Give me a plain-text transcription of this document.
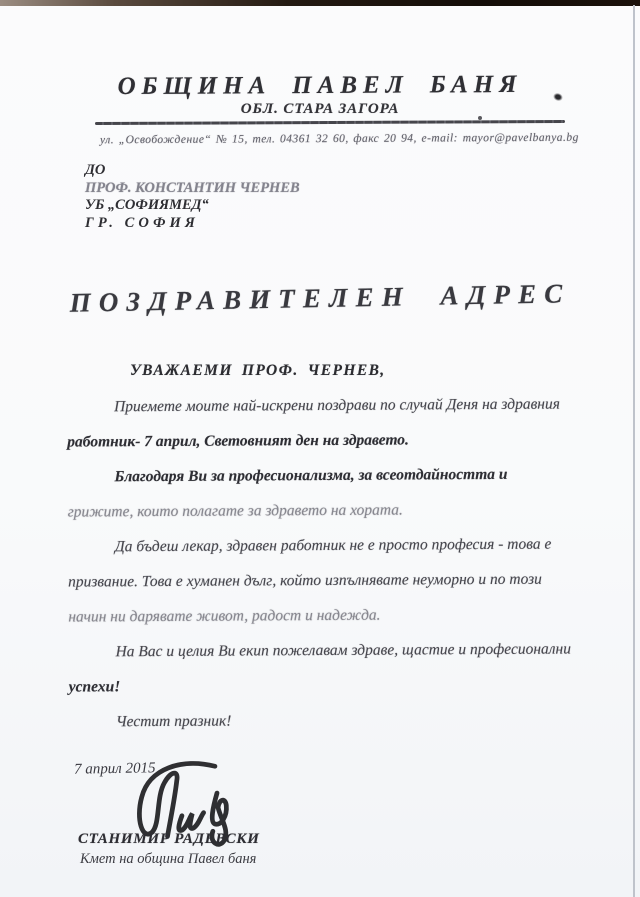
ОБЩИНА ПАВЕЛ БАНЯ
ОБЛ. СТАРА ЗАГОРА
ул. „Освобождение“ № 15, тел. 04361 32 60, факс 20 94, e-mail: mayor@pavelbanya.bg
ДО
ПРОФ. КОНСТАНТИН ЧЕРНЕВ
УБ „СОФИЯМЕД“
ГР. СОФИЯ
ПОЗДРАВИТЕЛЕН АДРЕС
УВАЖАЕМИ ПРОФ. ЧЕРНЕВ,
Приемете моите най-искрени поздрави по случай Деня на здравния
работник- 7 април, Световният ден на здравето.
Благодаря Ви за професионализма, за всеотдайността и
грижите, които полагате за здравето на хората.
Да бъдеш лекар, здравен работник не е просто професия - това е
призвание. Това е хуманен дълг, който изпълнявате неуморно и по този
начин ни дарявате живот, радост и надежда.
На Вас и целия Ви екип пожелавам здраве, щастие и професионални
успехи!
Честит празник!
7 април 2015
СТАНИМИР РАДЕВСКИ
Кмет на община Павел баня
